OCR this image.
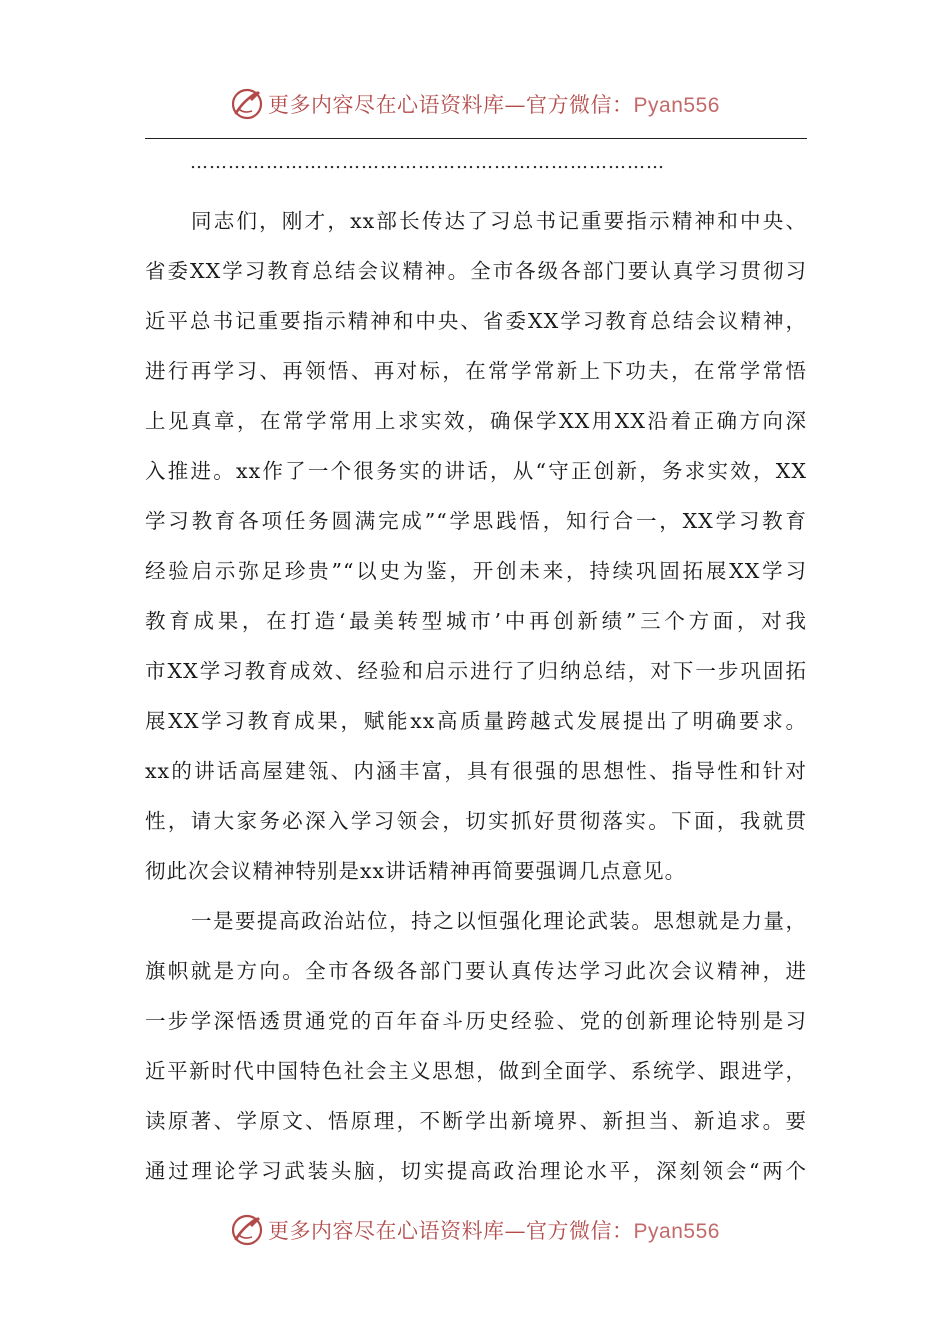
更多内容尽在心语资料库—官方微信：Pyan556
…………………………………………………………………
同志们，刚才，xx部长传达了习总书记重要指示精神和中央、
省委XX学习教育总结会议精神。全市各级各部门要认真学习贯彻习
近平总书记重要指示精神和中央、省委XX学习教育总结会议精神，
进行再学习、再领悟、再对标，在常学常新上下功夫，在常学常悟
上见真章，在常学常用上求实效，确保学XX用XX沿着正确方向深
入推进。xx作了一个很务实的讲话，从“守正创新，务求实效，XX
学习教育各项任务圆满完成”“学思践悟，知行合一，XX学习教育
经验启示弥足珍贵”“以史为鉴，开创未来，持续巩固拓展XX学习
教育成果，在打造‘最美转型城市’中再创新绩”三个方面，对我
市XX学习教育成效、经验和启示进行了归纳总结，对下一步巩固拓
展XX学习教育成果，赋能xx高质量跨越式发展提出了明确要求。
xx的讲话高屋建瓴、内涵丰富，具有很强的思想性、指导性和针对
性，请大家务必深入学习领会，切实抓好贯彻落实。下面，我就贯
彻此次会议精神特别是xx讲话精神再简要强调几点意见。
一是要提高政治站位，持之以恒强化理论武装。思想就是力量，
旗帜就是方向。全市各级各部门要认真传达学习此次会议精神，进
一步学深悟透贯通党的百年奋斗历史经验、党的创新理论特别是习
近平新时代中国特色社会主义思想，做到全面学、系统学、跟进学，
读原著、学原文、悟原理，不断学出新境界、新担当、新追求。要
通过理论学习武装头脑，切实提高政治理论水平，深刻领会“两个
更多内容尽在心语资料库—官方微信：Pyan556
